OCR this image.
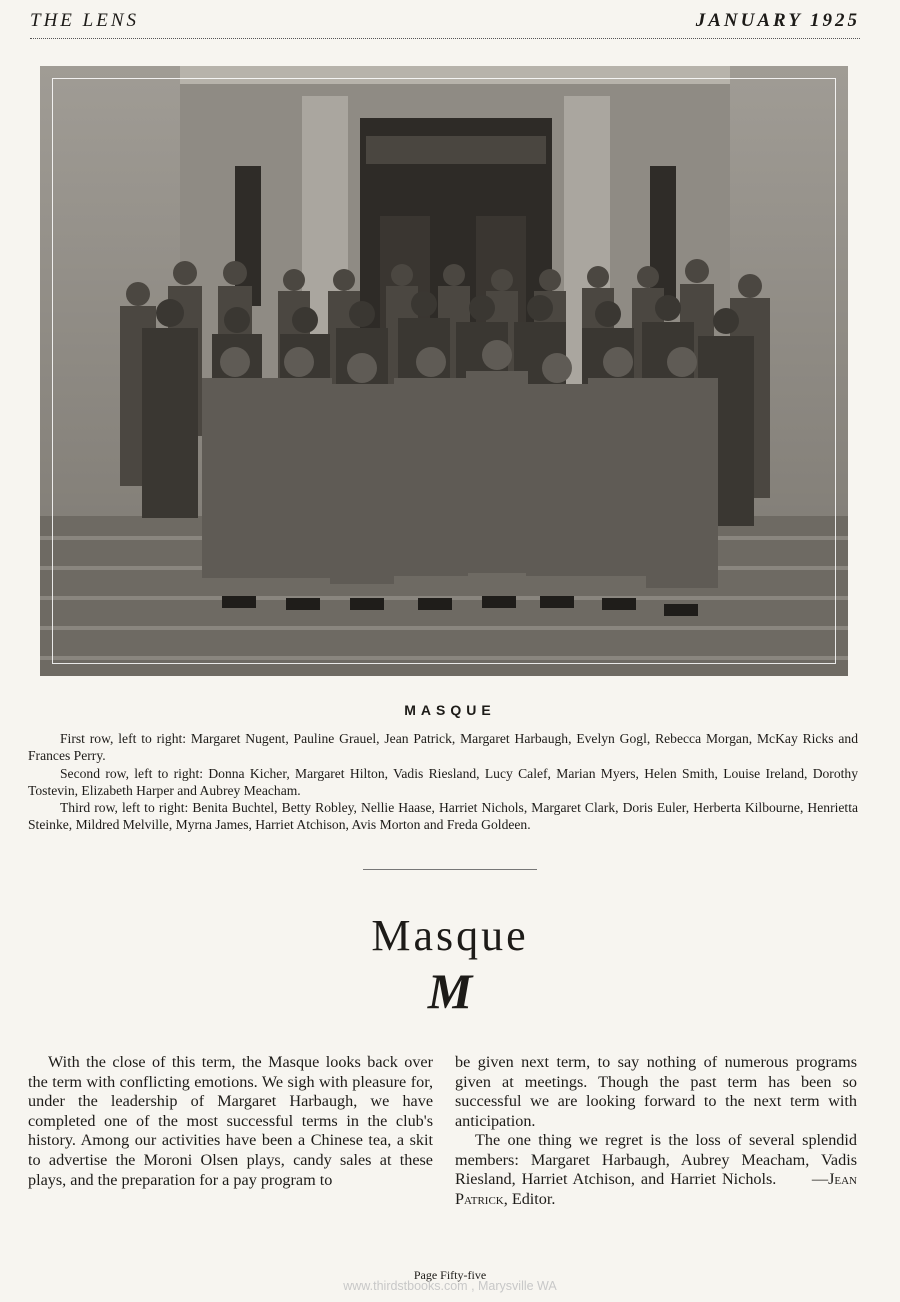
THE LENS	JANUARY 1925
MASQUE

First row, left to right: Margaret Nugent, Pauline Grauel, Jean Patrick, Margaret Harbaugh, Evelyn Gogl, Rebecca Morgan, McKay Ricks and Frances Perry.

Second row, left to right: Donna Kicher, Margaret Hilton, Vadis Riesland, Lucy Calef, Marian Myers, Helen Smith, Louise Ireland, Dorothy Tostevin, Elizabeth Harper and Aubrey Meacham.

Third row, left to right: Benita Buchtel, Betty Robley, Nellie Haase, Harriet Nichols, Margaret Clark, Doris Euler, Herberta Kilbourne, Henrietta Steinke, Mildred Melville, Myrna James, Harriet Atchison, Avis Morton and Freda Goldeen.

Masque
M

With the close of this term, the Masque looks back over the term with conflicting emotions. We sigh with pleasure for, under the leadership of Margaret Harbaugh, we have completed one of the most successful terms in the club's history. Among our activities have been a Chinese tea, a skit to advertise the Moroni Olsen plays, candy sales at these plays, and the preparation for a pay program to

be given next term, to say nothing of numerous programs given at meetings. Though the past term has been so successful we are looking forward to the next term with anticipation.

The one thing we regret is the loss of several splendid members: Margaret Harbaugh, Aubrey Meacham, Vadis Riesland, Harriet Atchison, and Harriet Nichols. —Jean Patrick, Editor.

Page Fifty-five
www.thirdstbooks.com , Marysville WA
